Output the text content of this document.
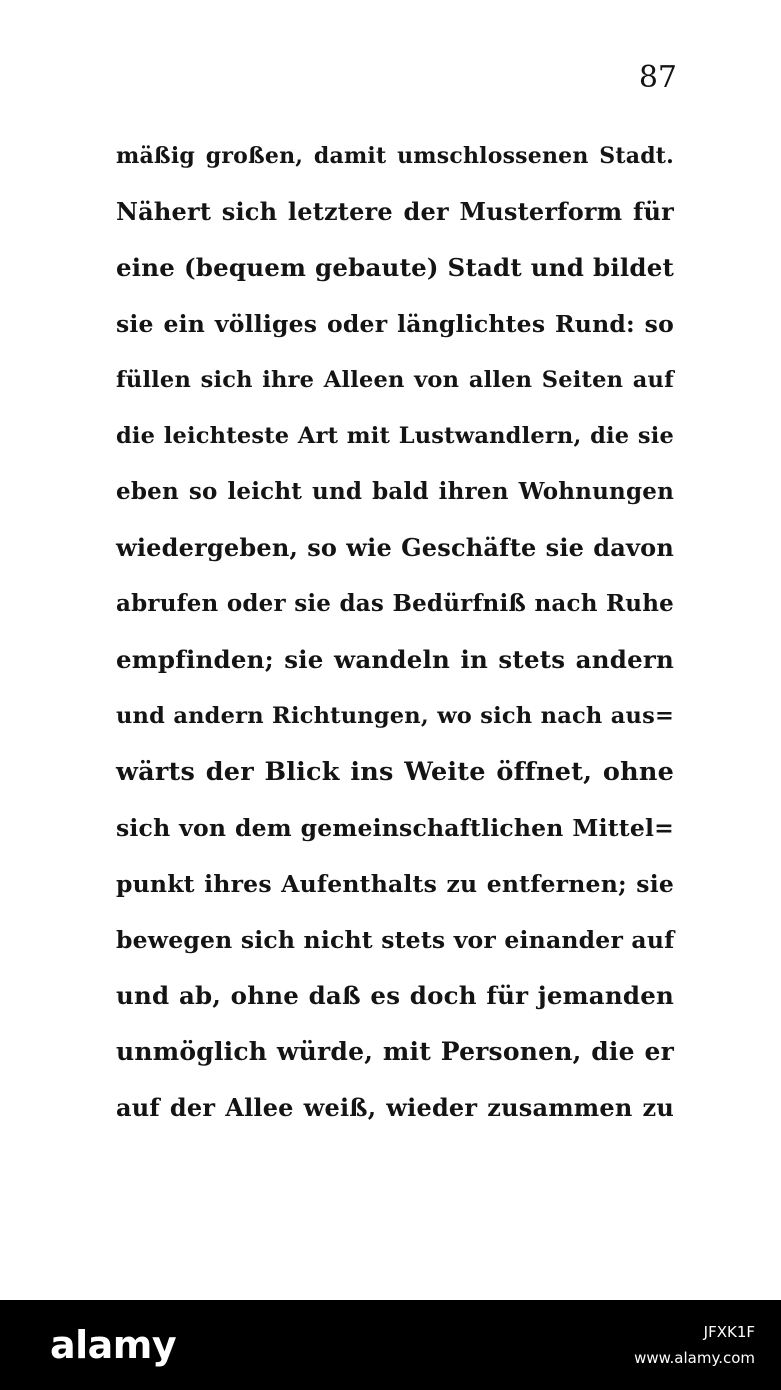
87
mäßig großen, damit umschlossenen Stadt.
Nähert sich letztere der Musterform für
eine (bequem gebaute) Stadt und bildet
sie ein völliges oder länglichtes Rund: so
füllen sich ihre Alleen von allen Seiten auf
die leichteste Art mit Lustwandlern, die sie
eben so leicht und bald ihren Wohnungen
wiedergeben, so wie Geschäfte sie davon
abrufen oder sie das Bedürfniß nach Ruhe
empfinden; sie wandeln in stets andern
und andern Richtungen, wo sich nach aus=
wärts der Blick ins Weite öffnet, ohne
sich von dem gemeinschaftlichen Mittel=
punkt ihres Aufenthalts zu entfernen; sie
bewegen sich nicht stets vor einander auf
und ab, ohne daß es doch für jemanden
unmöglich würde, mit Personen, die er
auf der Allee weiß, wieder zusammen zu
alamy	JFXK1F
www.alamy.com
